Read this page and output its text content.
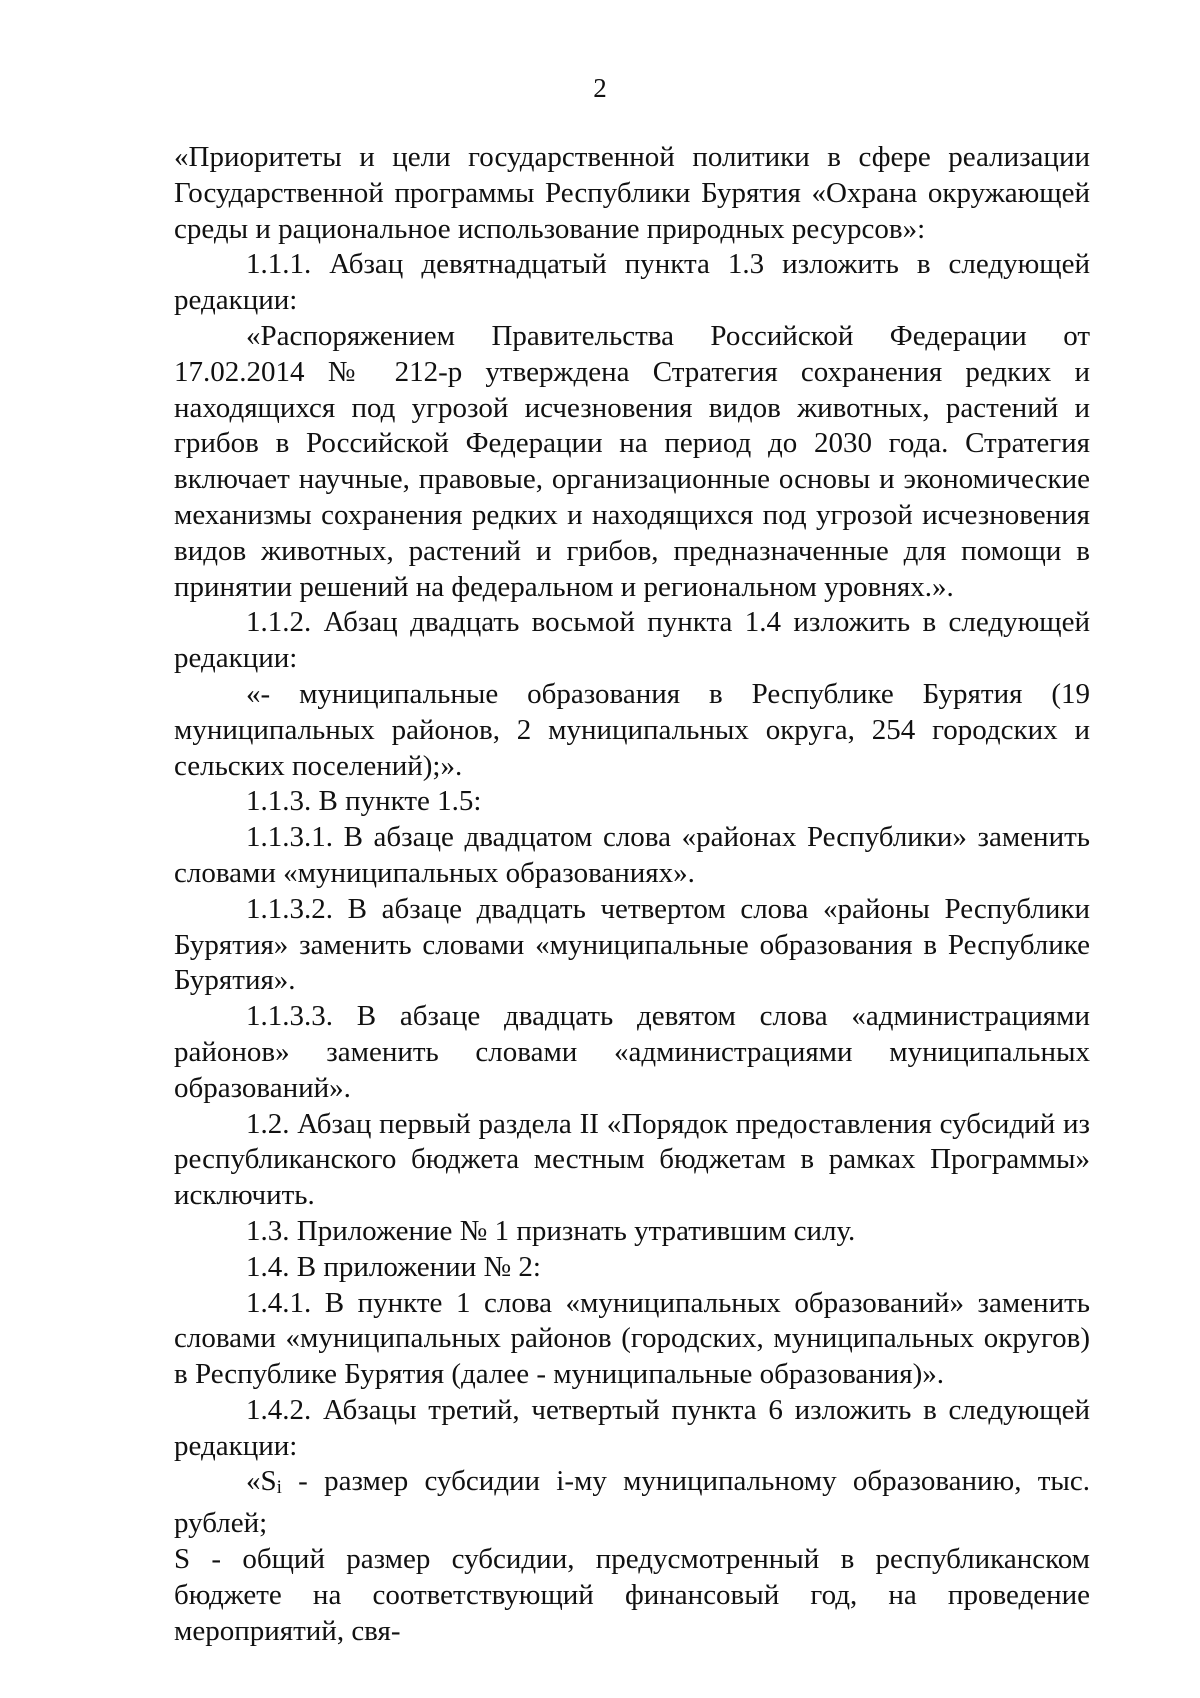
2

«Приоритеты и цели государственной политики в сфере реализации Государственной программы Республики Бурятия «Охрана окружающей среды и рациональное использование природных ресурсов»:

1.1.1. Абзац девятнадцатый пункта 1.3 изложить в следующей редакции:

«Распоряжением Правительства Российской Федерации от

17.02.2014 № 212-р утверждена Стратегия сохранения редких и находящихся под угрозой исчезновения видов животных, растений и грибов в Российской Федерации на период до 2030 года. Стратегия включает научные, правовые, организационные основы и экономические механизмы сохранения редких и находящихся под угрозой исчезновения видов животных, растений и грибов, предназначенные для помощи в принятии решений на федеральном и региональном уровнях.».

1.1.2. Абзац двадцать восьмой пункта 1.4 изложить в следующей редакции:

«- муниципальные образования в Республике Бурятия (19 муниципальных районов, 2 муниципальных округа, 254 городских и сельских поселений);».

1.1.3. В пункте 1.5:

1.1.3.1. В абзаце двадцатом слова «районах Республики» заменить словами «муниципальных образованиях».

1.1.3.2. В абзаце двадцать четвертом слова «районы Республики Бурятия» заменить словами «муниципальные образования в Республике Бурятия».

1.1.3.3. В абзаце двадцать девятом слова «администрациями районов» заменить словами «администрациями муниципальных образований».

1.2. Абзац первый раздела II «Порядок предоставления субсидий из республиканского бюджета местным бюджетам в рамках Программы» исключить.

1.3. Приложение № 1 признать утратившим силу.

1.4. В приложении № 2:

1.4.1. В пункте 1 слова «муниципальных образований» заменить словами «муниципальных районов (городских, муниципальных округов) в Республике Бурятия (далее - муниципальные образования)».

1.4.2. Абзацы третий, четвертый пункта 6 изложить в следующей редакции:

«$S_i$ - размер субсидии i-му муниципальному образованию, тыс. рублей;

S - общий размер субсидии, предусмотренный в республиканском бюджете на соответствующий финансовый год, на проведение мероприятий, свя-
